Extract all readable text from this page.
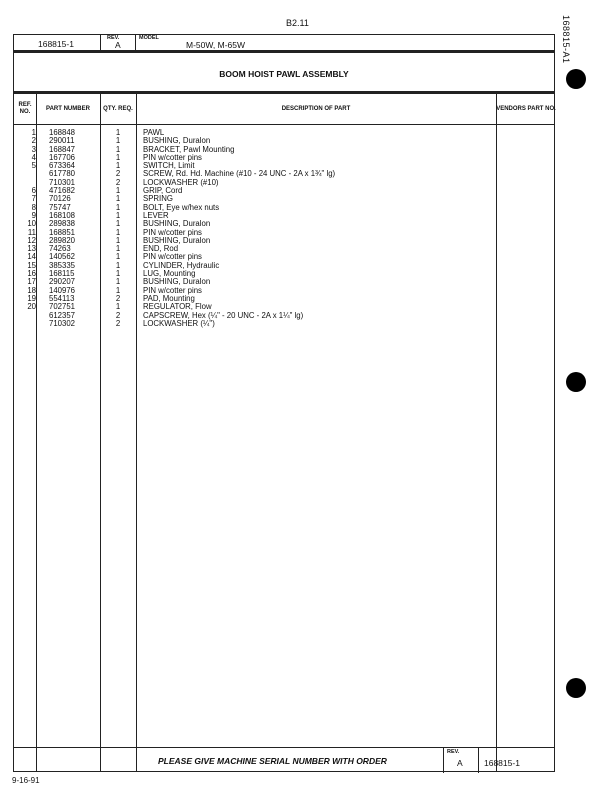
B2.11	168815-A1
168815-1
REV.
A
MODEL
M-50W, M-65W
BOOM HOIST PAWL ASSEMBLY
REF. NO.
PART NUMBER	QTY. REQ.	DESCRIPTION OF PART	VENDORS PART NO.
1 168848	1	PAWL
2 290011	1	BUSHING, Duralon
3 168847	1	BRACKET, Pawl Mounting
4 167706	1	PIN w/cotter pins
5 673364	1	SWITCH, Limit
617780	2	SCREW, Rd. Hd. Machine (#10 - 24 UNC - 2A x 1¾" lg)
710301	2	LOCKWASHER (#10)
6 471682	1	GRIP, Cord
7 70126	1	SPRING
8 75747	1	BOLT, Eye w/hex nuts
9 168108	1	LEVER
10 289838	1	BUSHING, Duralon
11 168851	1	PIN w/cotter pins
12 289820	1	BUSHING, Duralon
13 74263	1	END, Rod
14 140562	1	PIN w/cotter pins
15 385335	1	CYLINDER, Hydraulic
16 168115	1	LUG, Mounting
17 290207	1	BUSHING, Duralon
18 140976	1	PIN w/cotter pins
19 554113	2	PAD, Mounting
20 702751	1	REGULATOR, Flow
612357	2	CAPSCREW, Hex (¼" - 20 UNC - 2A x 1¼" lg)
710302	2	LOCKWASHER (¼")
PLEASE GIVE MACHINE SERIAL NUMBER WITH ORDER
REV.
A	168815-1
9-16-91
